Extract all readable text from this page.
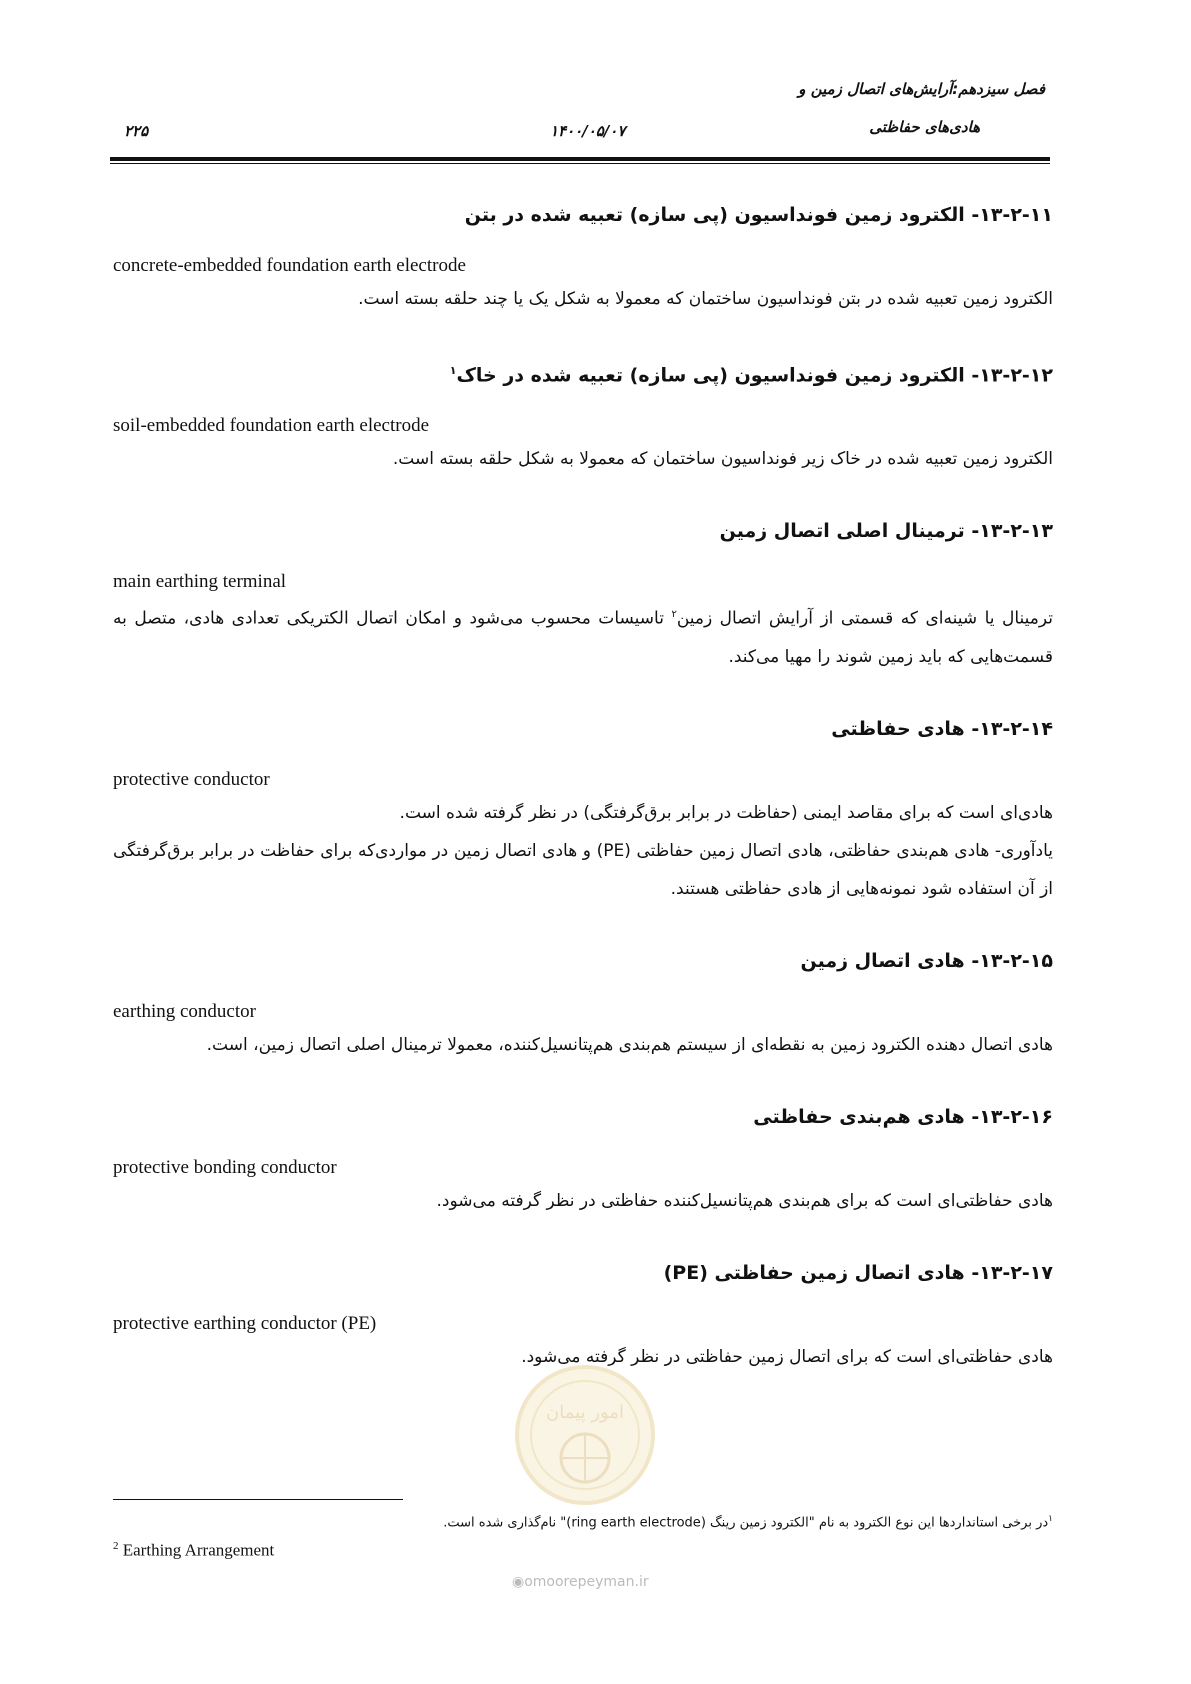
فصل سیزدهم:آرایش‌های اتصال زمین و
هادی‌های حفاظتی
۱۴۰۰/۰۵/۰۷
۲۲۵
۱۳-۲-۱۱- الکترود زمین فونداسیون (پی سازه) تعبیه شده در بتن

concrete-embedded foundation earth electrode

الکترود زمین تعبیه شده در بتن فونداسیون ساختمان که معمولا به شکل یک یا چند حلقه بسته است.

۱۳-۲-۱۲- الکترود زمین فونداسیون (پی سازه) تعبیه شده در خاک$^۱$

soil-embedded foundation earth electrode

الکترود زمین تعبیه شده در خاک زیر فونداسیون ساختمان که معمولا به شکل حلقه بسته است.

۱۳-۲-۱۳- ترمینال اصلی اتصال زمین

main earthing terminal

ترمینال یا شینه‌ای که قسمتی از آرایش اتصال زمین$^۲$ تاسیسات محسوب می‌شود و امکان اتصال الکتریکی تعدادی هادی، متصل به قسمت‌هایی که باید زمین شوند را مهیا می‌کند.

۱۳-۲-۱۴- هادی حفاظتی

protective conductor

هادی‌ای است که برای مقاصد ایمنی (حفاظت در برابر برق‌گرفتگی) در نظر گرفته شده است.

یادآوری- هادی هم‌بندی حفاظتی، هادی اتصال زمین حفاظتی (PE) و هادی اتصال زمین در مواردی‌که برای حفاظت در برابر برق‌گرفتگی از آن استفاده شود نمونه‌هایی از هادی حفاظتی هستند.

۱۳-۲-۱۵- هادی اتصال زمین

earthing conductor

هادی اتصال دهنده الکترود زمین به نقطه‌ای از سیستم هم‌بندی هم‌پتانسیل‌کننده، معمولا ترمینال اصلی اتصال زمین، است.

۱۳-۲-۱۶- هادی هم‌بندی حفاظتی

protective bonding conductor

هادی حفاظتی‌ای است که برای هم‌بندی هم‌پتانسیل‌کننده حفاظتی در نظر گرفته می‌شود.

۱۳-۲-۱۷- هادی اتصال زمین حفاظتی (PE)

protective earthing conductor (PE)

هادی حفاظتی‌ای است که برای اتصال زمین حفاظتی در نظر گرفته می‌شود.

امور پیمان
◉omoorepeyman.ir
$^۱$در برخی استانداردها این نوع الکترود به نام "الکترود زمین رینگ (ring earth electrode)" نام‌گذاری شده است.
$^2$ Earthing Arrangement
